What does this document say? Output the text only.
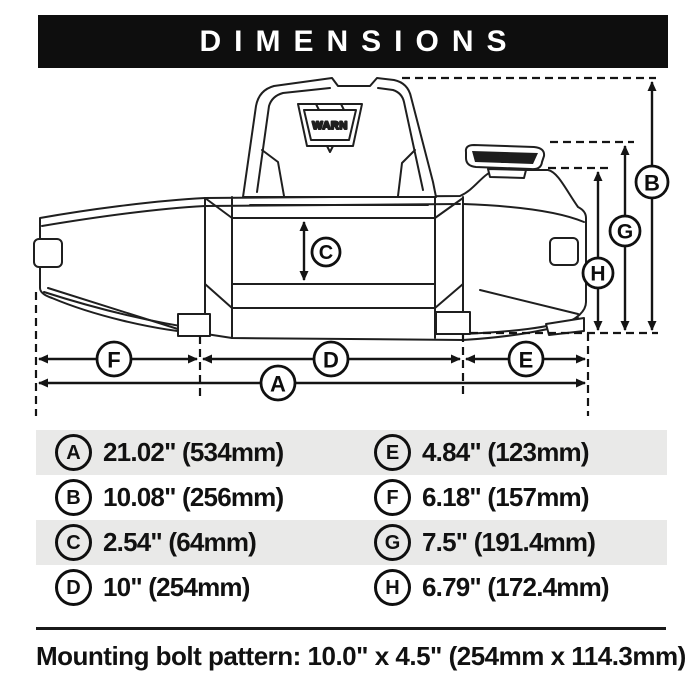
DIMENSIONS
WARN
W
A
B
C
D	E
F
G
H
A 21.02" (534mm)	E 4.84" (123mm)
B 10.08" (256mm)	F 6.18" (157mm)
C 2.54" (64mm)	G 7.5" (191.4mm)
D 10" (254mm)	H 6.79" (172.4mm)
Mounting bolt pattern: 10.0" x 4.5" (254mm x 114.3mm)
